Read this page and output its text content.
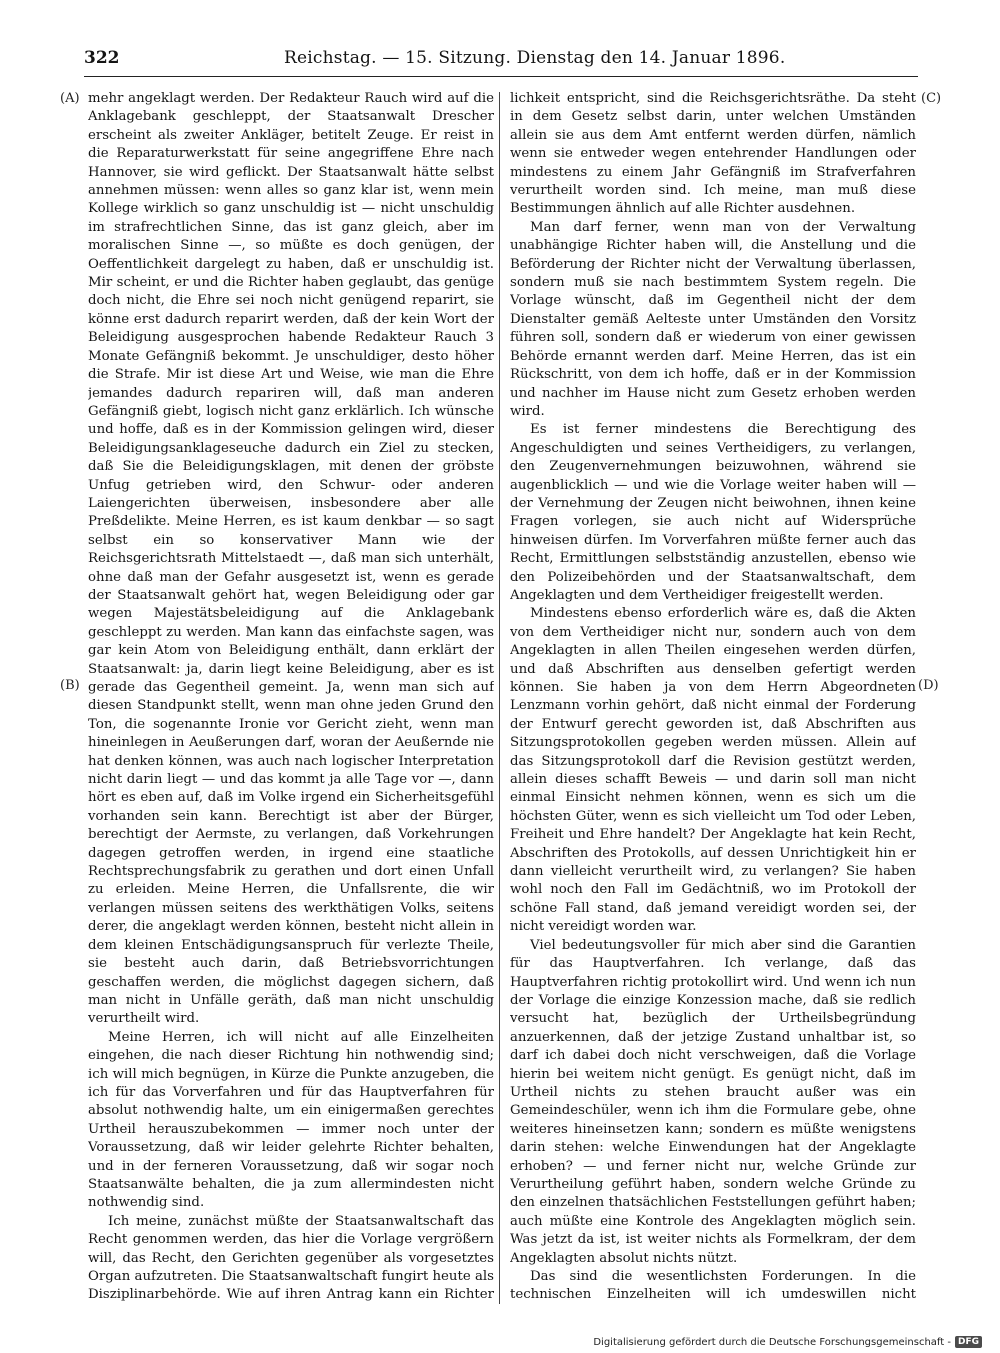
322	Reichstag. — 15. Sitzung. Dienstag den 14. Januar 1896.
(A)
(B)
(C)
(D)

mehr angeklagt werden. Der Redakteur Rauch wird auf die Anklagebank geschleppt, der Staatsanwalt Drescher erscheint als zweiter Ankläger, betitelt Zeuge. Er reist in die Reparaturwerkstatt für seine angegriffene Ehre nach Hannover, sie wird geflickt. Der Staatsanwalt hätte selbst annehmen müssen: wenn alles so ganz klar ist, wenn mein Kollege wirklich so ganz unschuldig ist — nicht unschuldig im strafrechtlichen Sinne, das ist ganz gleich, aber im moralischen Sinne —, so müßte es doch genügen, der Oeffentlichkeit dargelegt zu haben, daß er unschuldig ist. Mir scheint, er und die Richter haben geglaubt, das genüge doch nicht, die Ehre sei noch nicht genügend reparirt, sie könne erst dadurch reparirt werden, daß der kein Wort der Beleidigung ausgesprochen habende Redakteur Rauch 3 Monate Gefängniß bekommt. Je unschuldiger, desto höher die Strafe. Mir ist diese Art und Weise, wie man die Ehre jemandes dadurch repariren will, daß man anderen Gefängniß giebt, logisch nicht ganz erklärlich. Ich wünsche und hoffe, daß es in der Kommission gelingen wird, dieser Beleidigungsanklageseuche dadurch ein Ziel zu stecken, daß Sie die Beleidigungsklagen, mit denen der gröbste Unfug getrieben wird, den Schwur- oder anderen Laiengerichten überweisen, insbesondere aber alle Preßdelikte. Meine Herren, es ist kaum denkbar — so sagt selbst ein so konservativer Mann wie der Reichsgerichtsrath Mittelstaedt —, daß man sich unterhält, ohne daß man der Gefahr ausgesetzt ist, wenn es gerade der Staatsanwalt gehört hat, wegen Beleidigung oder gar wegen Majestätsbeleidigung auf die Anklagebank geschleppt zu werden. Man kann das einfachste sagen, was gar kein Atom von Beleidigung enthält, dann erklärt der Staatsanwalt: ja, darin liegt keine Beleidigung, aber es ist gerade das Gegentheil gemeint. Ja, wenn man sich auf diesen Standpunkt stellt, wenn man ohne jeden Grund den Ton, die sogenannte Ironie vor Gericht zieht, wenn man hineinlegen in Aeußerungen darf, woran der Aeußernde nie hat denken können, was auch nach logischer Interpretation nicht darin liegt — und das kommt ja alle Tage vor —, dann hört es eben auf, daß im Volke irgend ein Sicherheitsgefühl vorhanden sein kann. Berechtigt ist aber der Bürger, berechtigt der Aermste, zu verlangen, daß Vorkehrungen dagegen getroffen werden, in irgend eine staatliche Rechtsprechungsfabrik zu gerathen und dort einen Unfall zu erleiden. Meine Herren, die Unfallsrente, die wir verlangen müssen seitens des werkthätigen Volks, seitens derer, die angeklagt werden können, besteht nicht allein in dem kleinen Entschädigungsanspruch für verlezte Theile, sie besteht auch darin, daß Betriebsvorrichtungen geschaffen werden, die möglichst dagegen sichern, daß man nicht in Unfälle geräth, daß man nicht unschuldig verurtheilt wird.

Meine Herren, ich will nicht auf alle Einzelheiten eingehen, die nach dieser Richtung hin nothwendig sind; ich will mich begnügen, in Kürze die Punkte anzugeben, die ich für das Vorverfahren und für das Hauptverfahren für absolut nothwendig halte, um ein einigermaßen gerechtes Urtheil herauszubekommen — immer noch unter der Voraussetzung, daß wir leider gelehrte Richter behalten, und in der ferneren Voraussetzung, daß wir sogar noch Staatsanwälte behalten, die ja zum allermindesten nicht nothwendig sind.

Ich meine, zunächst müßte der Staatsanwaltschaft das Recht genommen werden, das hier die Vorlage vergrößern will, das Recht, den Gerichten gegenüber als vorgesetztes Organ aufzutreten. Die Staatsanwaltschaft fungirt heute als Disziplinarbehörde. Wie auf ihren Antrag kann ein Richter

lichkeit entspricht, sind die Reichsgerichtsräthe. Da steht in dem Gesetz selbst darin, unter welchen Umständen allein sie aus dem Amt entfernt werden dürfen, nämlich wenn sie entweder wegen entehrender Handlungen oder mindestens zu einem Jahr Gefängniß im Strafverfahren verurtheilt worden sind. Ich meine, man muß diese Bestimmungen ähnlich auf alle Richter ausdehnen.

Man darf ferner, wenn man von der Verwaltung unabhängige Richter haben will, die Anstellung und die Beförderung der Richter nicht der Verwaltung überlassen, sondern muß sie nach bestimmtem System regeln. Die Vorlage wünscht, daß im Gegentheil nicht der dem Dienstalter gemäß Aelteste unter Umständen den Vorsitz führen soll, sondern daß er wiederum von einer gewissen Behörde ernannt werden darf. Meine Herren, das ist ein Rückschritt, von dem ich hoffe, daß er in der Kommission und nachher im Hause nicht zum Gesetz erhoben werden wird.

Es ist ferner mindestens die Berechtigung des Angeschuldigten und seines Vertheidigers, zu verlangen, den Zeugenvernehmungen beizuwohnen, während sie augenblicklich — und wie die Vorlage weiter haben will — der Vernehmung der Zeugen nicht beiwohnen, ihnen keine Fragen vorlegen, sie auch nicht auf Widersprüche hinweisen dürfen. Im Vorverfahren müßte ferner auch das Recht, Ermittlungen selbstständig anzustellen, ebenso wie den Polizeibehörden und der Staatsanwaltschaft, dem Angeklagten und dem Vertheidiger freigestellt werden.

Mindestens ebenso erforderlich wäre es, daß die Akten von dem Vertheidiger nicht nur, sondern auch von dem Angeklagten in allen Theilen eingesehen werden dürfen, und daß Abschriften aus denselben gefertigt werden können. Sie haben ja von dem Herrn Abgeordneten Lenzmann vorhin gehört, daß nicht einmal der Forderung der Entwurf gerecht geworden ist, daß Abschriften aus Sitzungsprotokollen gegeben werden müssen. Allein auf das Sitzungsprotokoll darf die Revision gestützt werden, allein dieses schafft Beweis — und darin soll man nicht einmal Einsicht nehmen können, wenn es sich um die höchsten Güter, wenn es sich vielleicht um Tod oder Leben, Freiheit und Ehre handelt? Der Angeklagte hat kein Recht, Abschriften des Protokolls, auf dessen Unrichtigkeit hin er dann vielleicht verurtheilt wird, zu verlangen? Sie haben wohl noch den Fall im Gedächtniß, wo im Protokoll der schöne Fall stand, daß jemand vereidigt worden sei, der nicht vereidigt worden war.

Viel bedeutungsvoller für mich aber sind die Garantien für das Hauptverfahren. Ich verlange, daß das Hauptverfahren richtig protokollirt wird. Und wenn ich nun der Vorlage die einzige Konzession mache, daß sie redlich versucht hat, bezüglich der Urtheilsbegründung anzuerkennen, daß der jetzige Zustand unhaltbar ist, so darf ich dabei doch nicht verschweigen, daß die Vorlage hierin bei weitem nicht genügt. Es genügt nicht, daß im Urtheil nichts zu stehen braucht außer was ein Gemeindeschüler, wenn ich ihm die Formulare gebe, ohne weiteres hineinsetzen kann; sondern es müßte wenigstens darin stehen: welche Einwendungen hat der Angeklagte erhoben? — und ferner nicht nur, welche Gründe zur Verurtheilung geführt haben, sondern welche Gründe zu den einzelnen thatsächlichen Feststellungen geführt haben; auch müßte eine Kontrole des Angeklagten möglich sein. Was jetzt da ist, ist weiter nichts als Formelkram, der dem Angeklagten absolut nichts nützt.

Das sind die wesentlichsten Forderungen. In die technischen Einzelheiten will ich umdeswillen nicht

Digitalisierung gefördert durch die Deutsche Forschungsgemeinschaft - DFG
